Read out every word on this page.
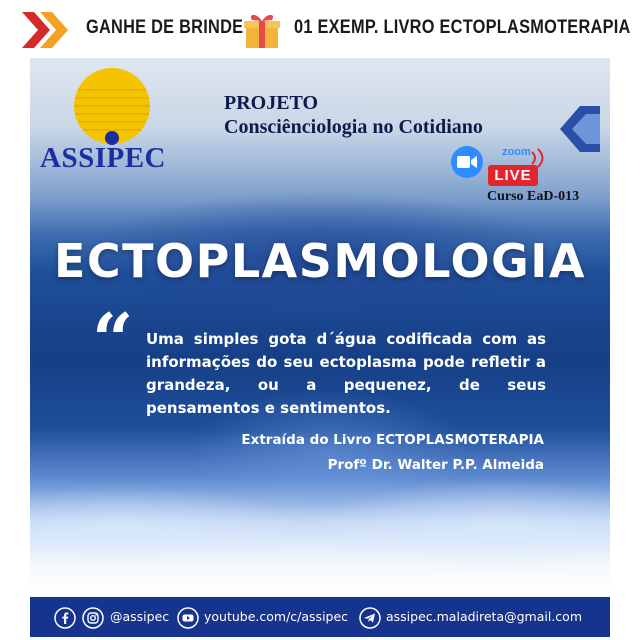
GANHE DE BRINDE	01 EXEMP. LIVRO ECTOPLASMOTERAPIA
ASSIPEC
PROJETO
Consciênciologia no Cotidiano
zoom
LIVE
Curso EaD-013
ECTOPLASMOLOGIA
“ Uma simples gota d´água codificada com as informações do seu ectoplasma pode refletir a grandeza, ou a pequenez, de seus pensamentos e sentimentos.
Extraída do Livro ECTOPLASMOTERAPIA
Profº Dr. Walter P.P. Almeida
@assipec	youtube.com/c/assipec	assipec.maladireta@gmail.com
